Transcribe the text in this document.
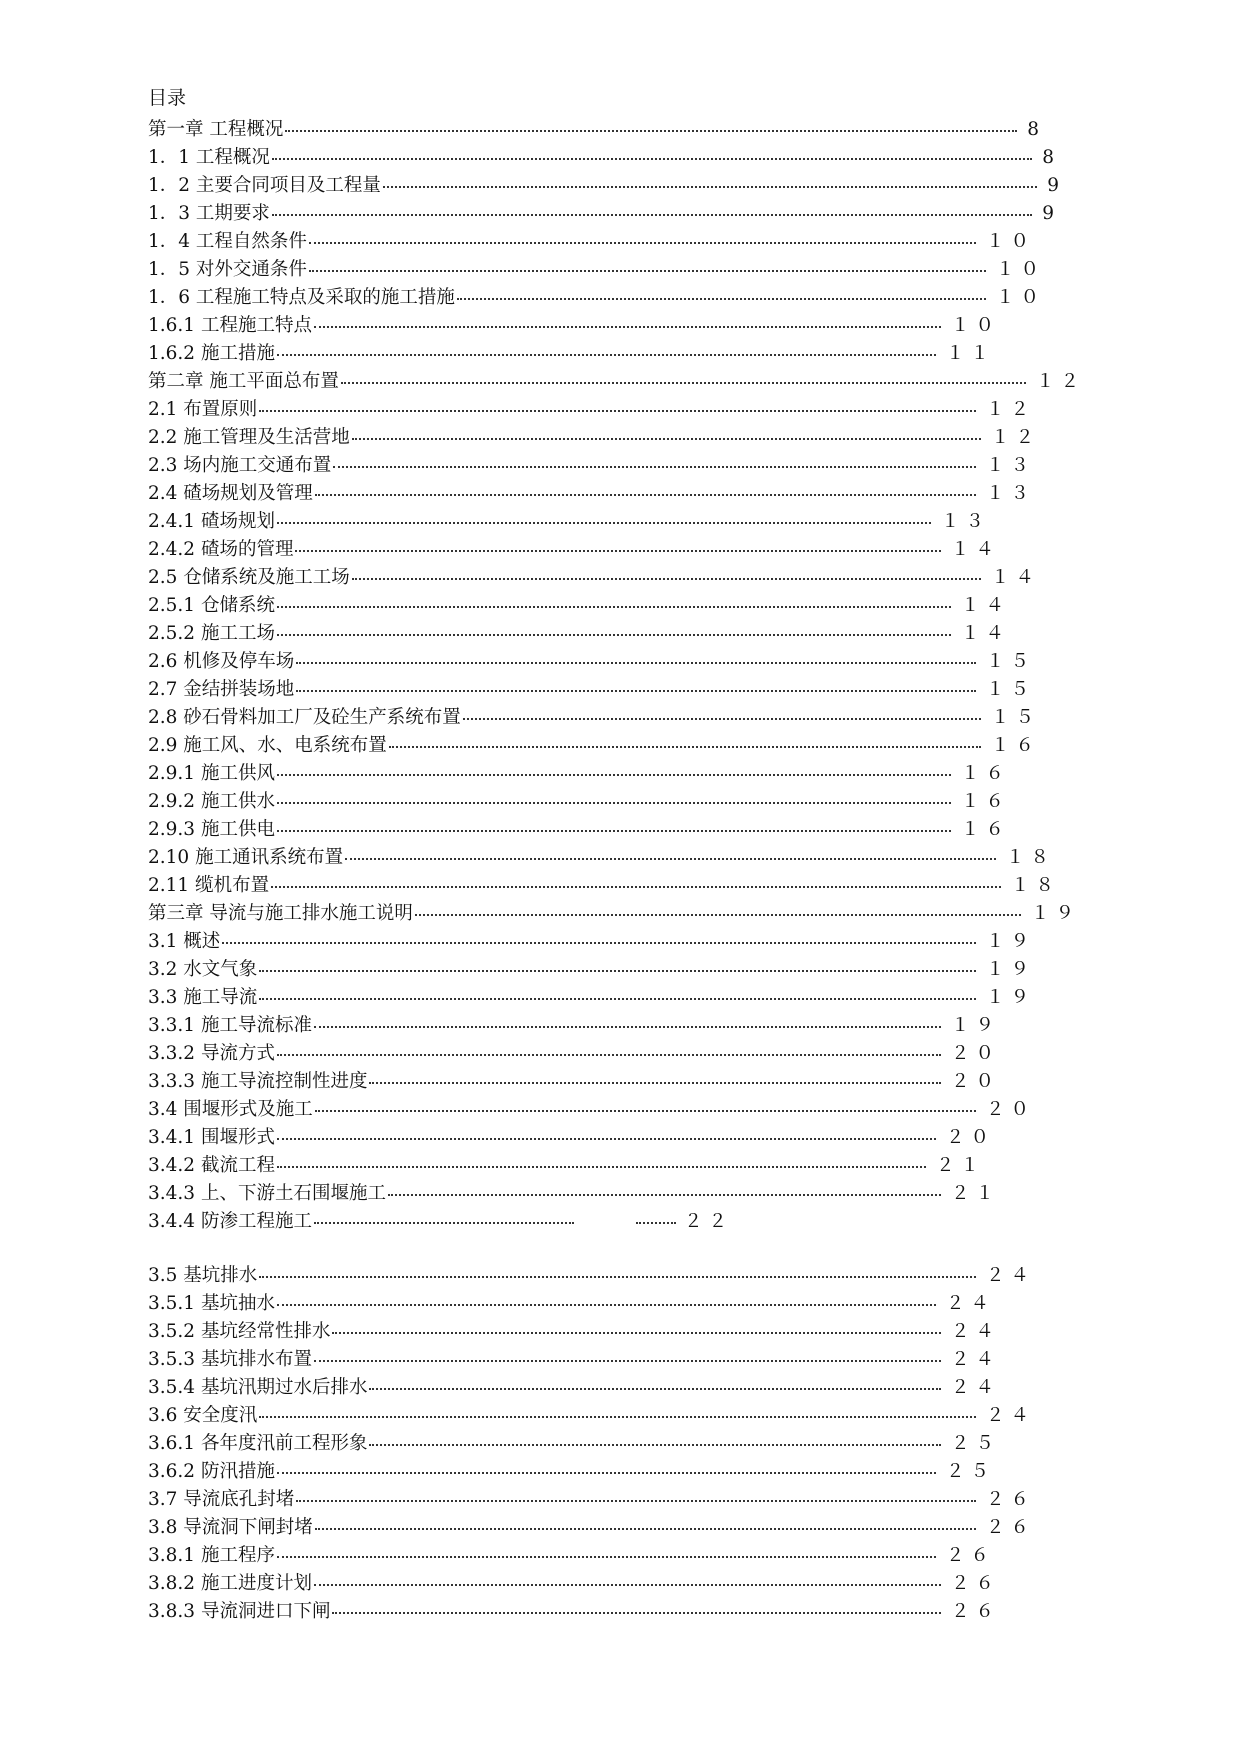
目录
第一章 工程概况	8
1．1 工程概况	8
1．2 主要合同项目及工程量	9
1．3 工期要求	9
1．4 工程自然条件	１０
1．5 对外交通条件	１０
1．6 工程施工特点及采取的施工措施	１０
1.6.1 工程施工特点	１０
1.6.2 施工措施	１１
第二章 施工平面总布置	１２
2.1 布置原则	１２
2.2 施工管理及生活营地	１２
2.3 场内施工交通布置	１３
2.4 碴场规划及管理	１３
2.4.1 碴场规划	１３
2.4.2 碴场的管理	１４
2.5 仓储系统及施工工场	１４
2.5.1 仓储系统	１４
2.5.2 施工工场	１４
2.6 机修及停车场	１５
2.7 金结拼装场地	１５
2.8 砂石骨料加工厂及砼生产系统布置	１５
2.9 施工风、水、电系统布置	１６
2.9.1 施工供风	１６
2.9.2 施工供水	１６
2.9.3 施工供电	１６
2.10 施工通讯系统布置	１８
2.11 缆机布置	１８
第三章 导流与施工排水施工说明	１９
3.1 概述	１９
3.2 水文气象	１９
3.3 施工导流	１９
3.3.1 施工导流标准	１９
3.3.2 导流方式	２０
3.3.3 施工导流控制性进度	２０
3.4 围堰形式及施工	２０
3.4.1 围堰形式	２０
3.4.2 截流工程	２１
3.4.3 上、下游土石围堰施工	２１
3.4.4 防渗工程施工	２２
3.5 基坑排水	２４
3.5.1 基坑抽水	２４
3.5.2 基坑经常性排水	２４
3.5.3 基坑排水布置	２４
3.5.4 基坑汛期过水后排水	２４
3.6 安全度汛	２４
3.6.1 各年度汛前工程形象	２５
3.6.2 防汛措施	２５
3.7 导流底孔封堵	２６
3.8 导流洞下闸封堵	２６
3.8.1 施工程序	２６
3.8.2 施工进度计划	２６
3.8.3 导流洞进口下闸	２６
